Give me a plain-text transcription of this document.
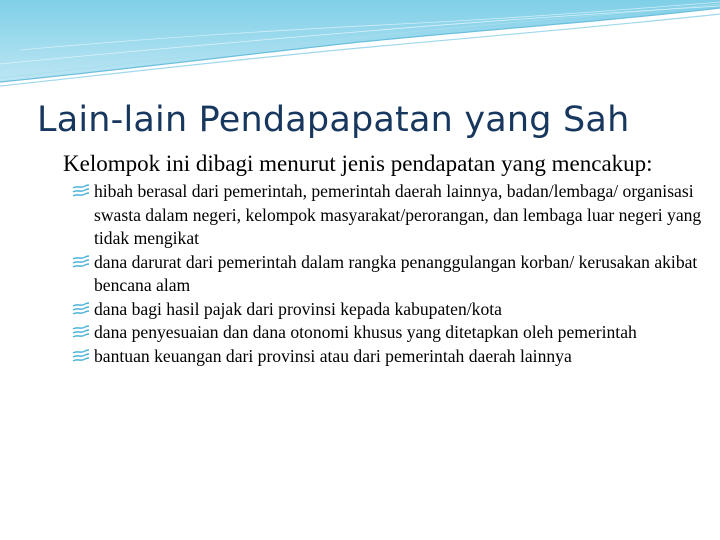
Lain-lain Pendapapatan yang Sah

Kelompok ini dibagi menurut jenis pendapatan yang mencakup:

hibah berasal dari pemerintah, pemerintah daerah lainnya, badan/lembaga/ organisasi swasta dalam negeri, kelompok masyarakat/perorangan, dan lembaga luar negeri yang tidak mengikat
dana darurat dari pemerintah dalam rangka penanggulangan korban/ kerusakan akibat bencana alam
dana bagi hasil pajak dari provinsi kepada kabupaten/kota
dana penyesuaian dan dana otonomi khusus yang ditetapkan oleh pemerintah
bantuan keuangan dari provinsi atau dari pemerintah daerah lainnya
